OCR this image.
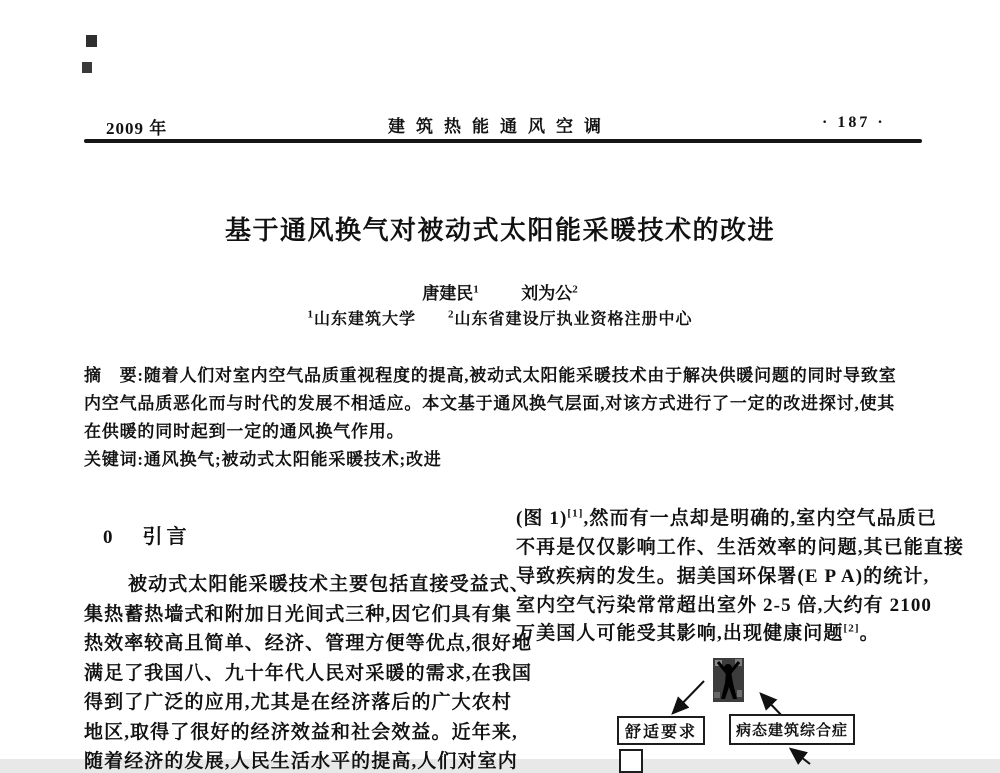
2009 年	建筑热能通风空调	· 187 ·
基于通风换气对被动式太阳能采暖技术的改进
唐建民$^1$	刘为公$^2$
$^1$山东建筑大学	$^2$山东省建设厅执业资格注册中心
摘　要:随着人们对室内空气品质重视程度的提高,被动式太阳能采暖技术由于解决供暖问题的同时导致室
内空气品质恶化而与时代的发展不相适应。本文基于通风换气层面,对该方式进行了一定的改进探讨,使其
在供暖的同时起到一定的通风换气作用。
关键词:通风换气;被动式太阳能采暖技术;改进
0 引言
被动式太阳能采暖技术主要包括直接受益式、
集热蓄热墙式和附加日光间式三种,因它们具有集
热效率较高且简单、经济、管理方便等优点,很好地
满足了我国八、九十年代人民对采暖的需求,在我国
得到了广泛的应用,尤其是在经济落后的广大农村
地区,取得了很好的经济效益和社会效益。近年来,
随着经济的发展,人民生活水平的提高,人们对室内
(图 1)[1],然而有一点却是明确的,室内空气品质已
不再是仅仅影响工作、生活效率的问题,其已能直接
导致疾病的发生。据美国环保署(E P A)的统计,
室内空气污染常常超出室外 2-5 倍,大约有 2100
万美国人可能受其影响,出现健康问题[2]。
舒适要求	病态建筑综合症
